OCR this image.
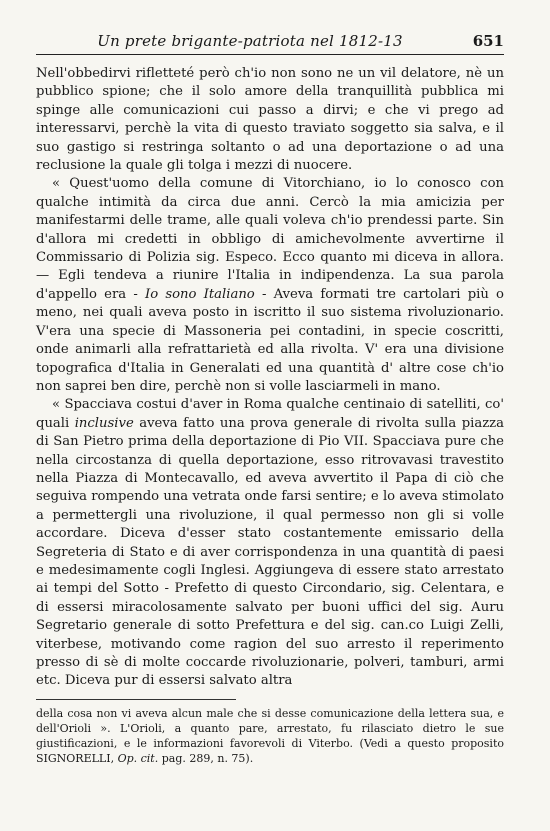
Un prete brigante-patriota nel 1812-13	651

Nell'obbedirvi rifletteté però ch'io non sono ne un vil delatore, nè un pubblico spione; che il solo amore della tranquillità pubblica mi spinge alle comunicazioni cui passo a dirvi; e che vi prego ad interessarvi, perchè la vita di questo traviato soggetto sia salva, e il suo gastigo si restringa soltanto o ad una deportazione o ad una reclusione la quale gli tolga i mezzi di nuocere.

« Quest'uomo della comune di Vitorchiano, io lo conosco con qualche intimità da circa due anni. Cercò la mia amicizia per manifestarmi delle trame, alle quali voleva ch'io prendessi parte. Sin d'allora mi credetti in obbligo di amichevolmente avvertirne il Commissario di Polizia sig. Especo. Ecco quanto mi diceva in allora. — Egli tendeva a riunire l'Italia in indipendenza. La sua parola d'appello era - Io sono Italiano - Aveva formati tre cartolari più o meno, nei quali aveva posto in iscritto il suo sistema rivoluzionario. V'era una specie di Massoneria pei contadini, in specie coscritti, onde animarli alla refrattarietà ed alla rivolta. V' era una divisione topografica d'Italia in Generalati ed una quantità d' altre cose ch'io non saprei ben dire, perchè non si volle lasciarmeli in mano.

« Spacciava costui d'aver in Roma qualche centinaio di satelliti, co' quali inclusive aveva fatto una prova generale di rivolta sulla piazza di San Pietro prima della deportazione di Pio VII. Spacciava pure che nella circostanza di quella deportazione, esso ritrovavasi travestito nella Piazza di Montecavallo, ed aveva avvertito il Papa di ciò che seguiva rompendo una vetrata onde farsi sentire; e lo aveva stimolato a permettergli una rivoluzione, il qual permesso non gli si volle accordare. Diceva d'esser stato costantemente emissario della Segreteria di Stato e di aver corrispondenza in una quantità di paesi e medesimamente cogli Inglesi. Aggiungeva di essere stato arrestato ai tempi del Sotto - Prefetto di questo Circondario, sig. Celentara, e di essersi miracolosamente salvato per buoni uffici del sig. Auru Segretario generale di sotto Prefettura e del sig. can.co Luigi Zelli, viterbese, motivando come ragion del suo arresto il reperimento presso di sè di molte coccarde rivoluzionarie, polveri, tamburi, armi etc. Diceva pur di essersi salvato altra

della cosa non vi aveva alcun male che si desse comunicazione della lettera sua, e dell'Orioli ». L'Orioli, a quanto pare, arrestato, fu rilasciato dietro le sue giustificazioni, e le informazioni favorevoli di Viterbo. (Vedi a questo proposito SIGNORELLI, Op. cit. pag. 289, n. 75).
